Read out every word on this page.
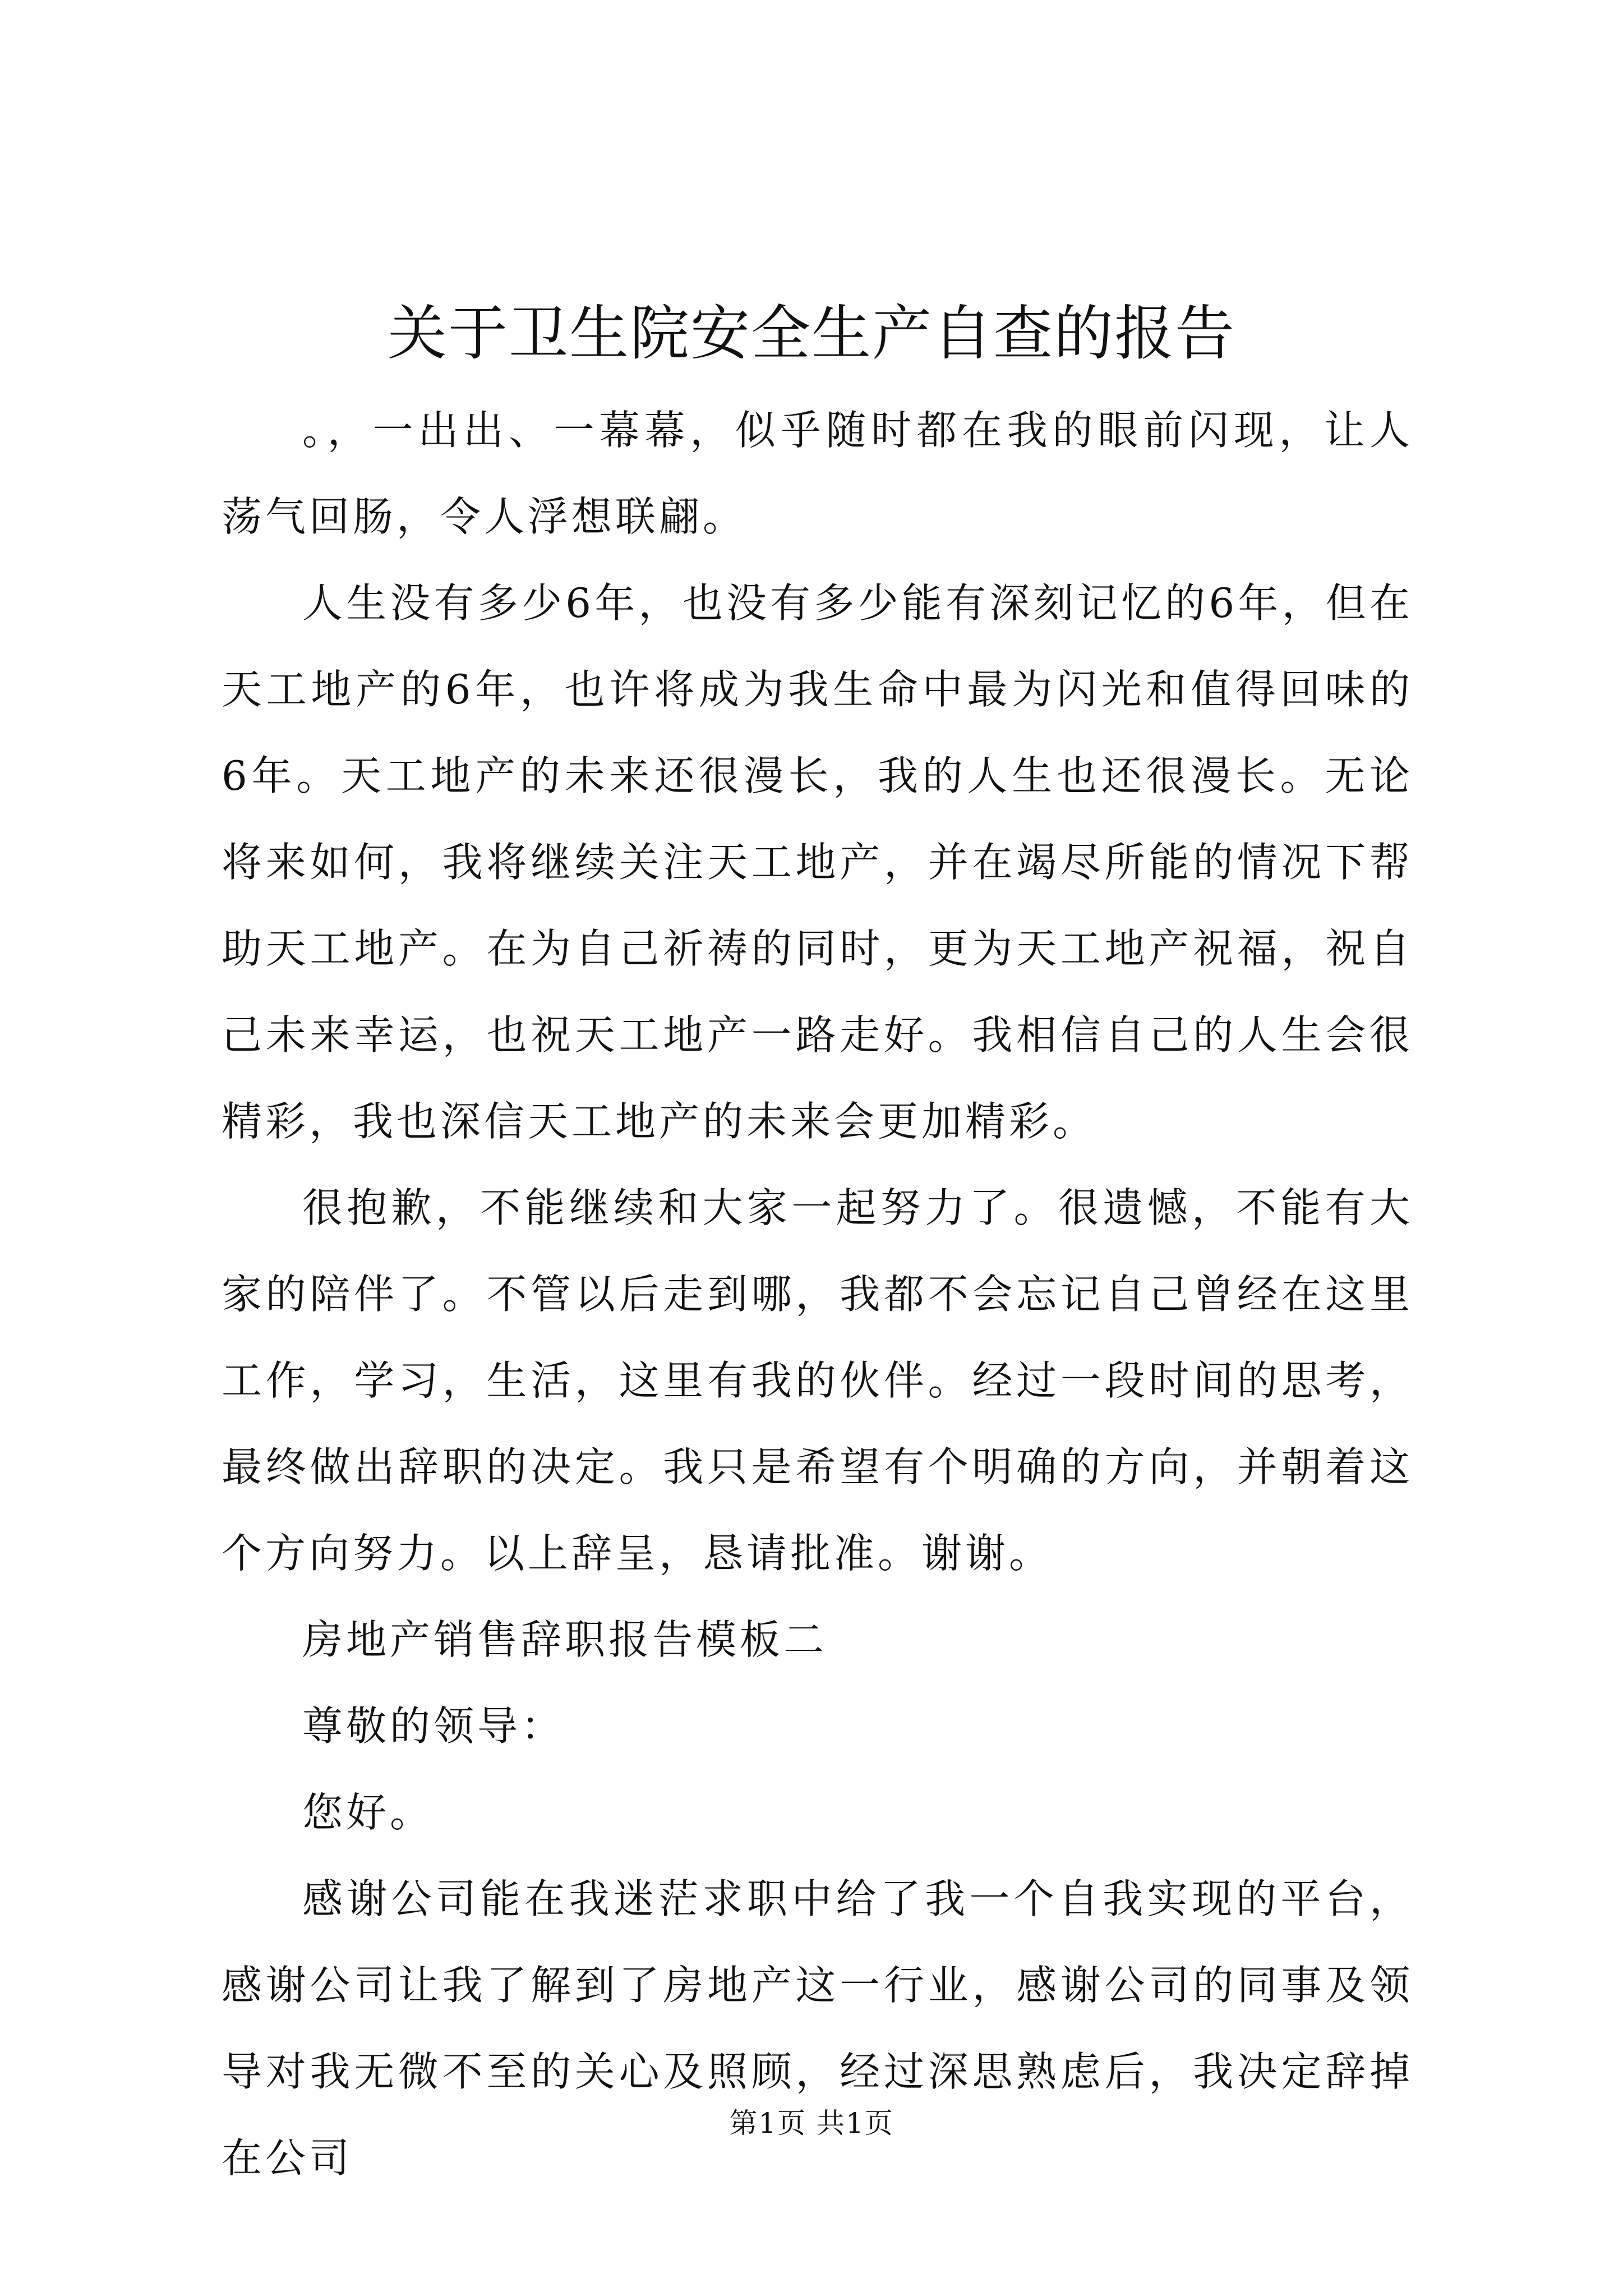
关于卫生院安全生产自查的报告

。，一出出、一幕幕，似乎随时都在我的眼前闪现，让人荡气回肠，令人浮想联翩。

人生没有多少6年，也没有多少能有深刻记忆的6年，但在天工地产的6年，也许将成为我生命中最为闪光和值得回味的6年。天工地产的未来还很漫长，我的人生也还很漫长。无论将来如何，我将继续关注天工地产，并在竭尽所能的情况下帮助天工地产。在为自己祈祷的同时，更为天工地产祝福，祝自己未来幸运，也祝天工地产一路走好。我相信自己的人生会很精彩，我也深信天工地产的未来会更加精彩。

很抱歉，不能继续和大家一起努力了。很遗憾，不能有大家的陪伴了。不管以后走到哪，我都不会忘记自己曾经在这里工作，学习，生活，这里有我的伙伴。经过一段时间的思考，最终做出辞职的决定。我只是希望有个明确的方向，并朝着这个方向努力。以上辞呈，恳请批准。谢谢。

房地产销售辞职报告模板二

尊敬的领导：

您好。

感谢公司能在我迷茫求职中给了我一个自我实现的平台，感谢公司让我了解到了房地产这一行业，感谢公司的同事及领导对我无微不至的关心及照顾，经过深思熟虑后，我决定辞掉在公司

第1页 共1页
